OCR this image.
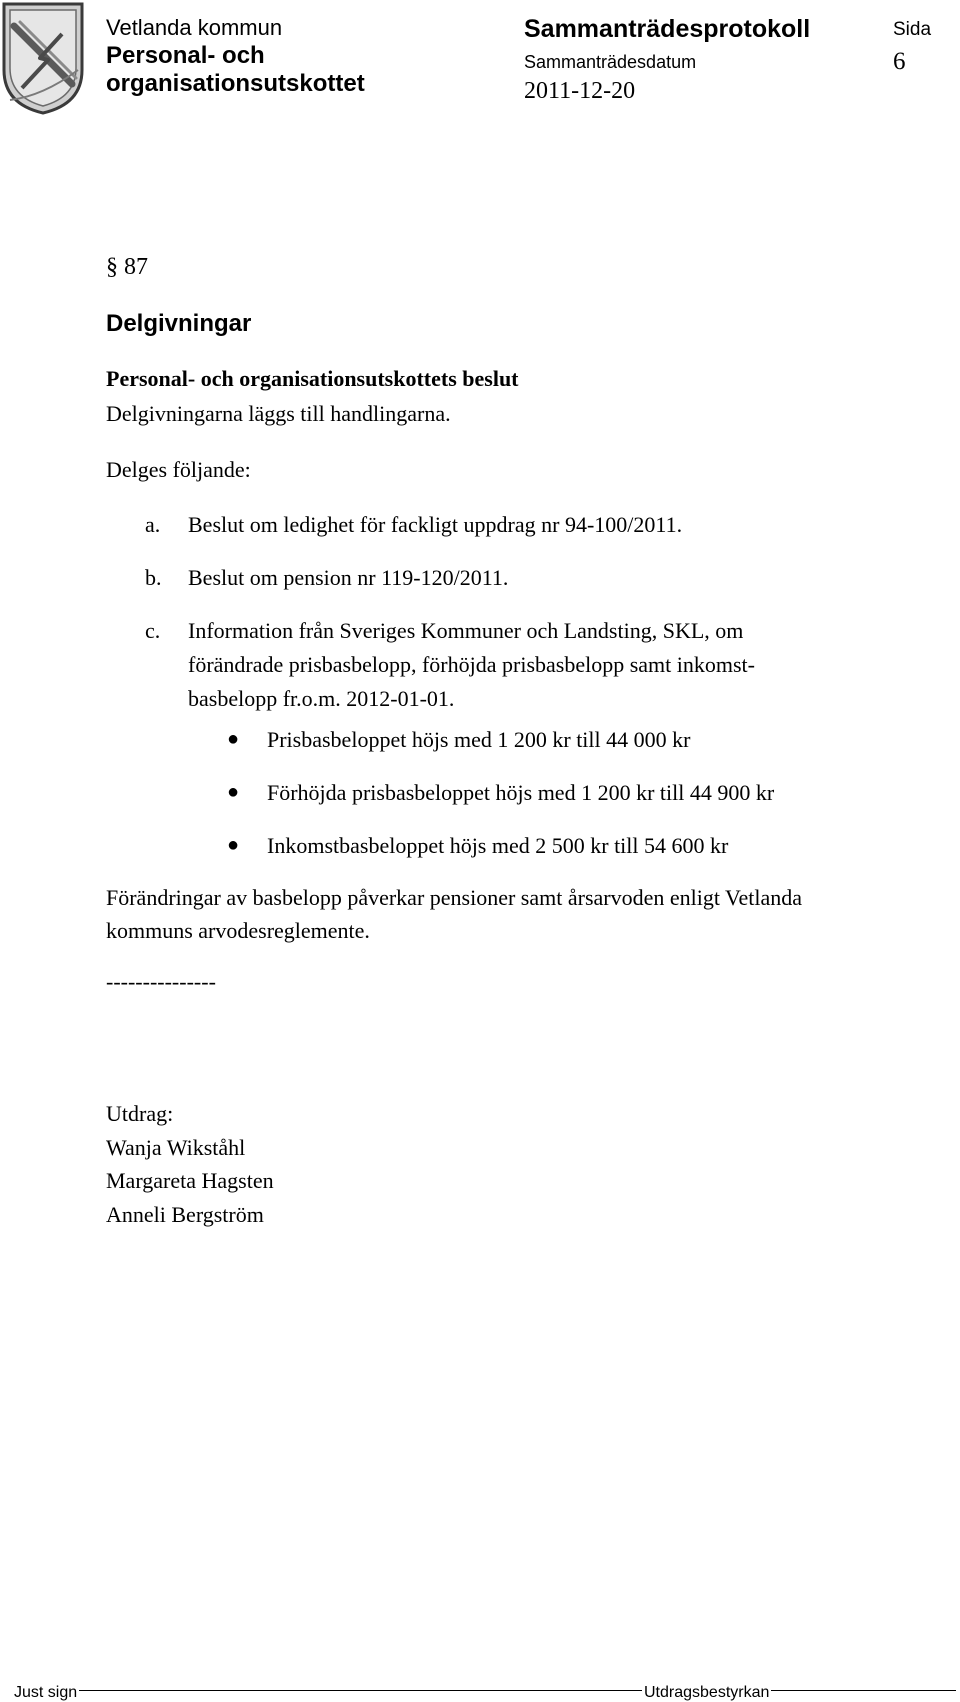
Vetlanda kommun
Personal- och
organisationsutskottet
Sammanträdesprotokoll	Sida
6
Sammanträdesdatum
2011-12-20
§ 87
Delgivningar
Personal- och organisationsutskottets beslut
Delgivningarna läggs till handlingarna.
Delges följande:
a. Beslut om ledighet för fackligt uppdrag nr 94-100/2011.
b. Beslut om pension nr 119-120/2011.
c. Information från Sveriges Kommuner och Landsting, SKL, om
förändrade prisbasbelopp, förhöjda prisbasbelopp samt inkomst-
basbelopp fr.o.m. 2012-01-01.
● Prisbasbeloppet höjs med 1 200 kr till 44 000 kr
● Förhöjda prisbasbeloppet höjs med 1 200 kr till 44 900 kr
● Inkomstbasbeloppet höjs med 2 500 kr till 54 600 kr
Förändringar av basbelopp påverkar pensioner samt årsarvoden enligt Vetlanda
kommuns arvodesreglemente.
---------------
Utdrag:
Wanja Wikståhl
Margareta Hagsten
Anneli Bergström
Just sign	Utdragsbestyrkan
